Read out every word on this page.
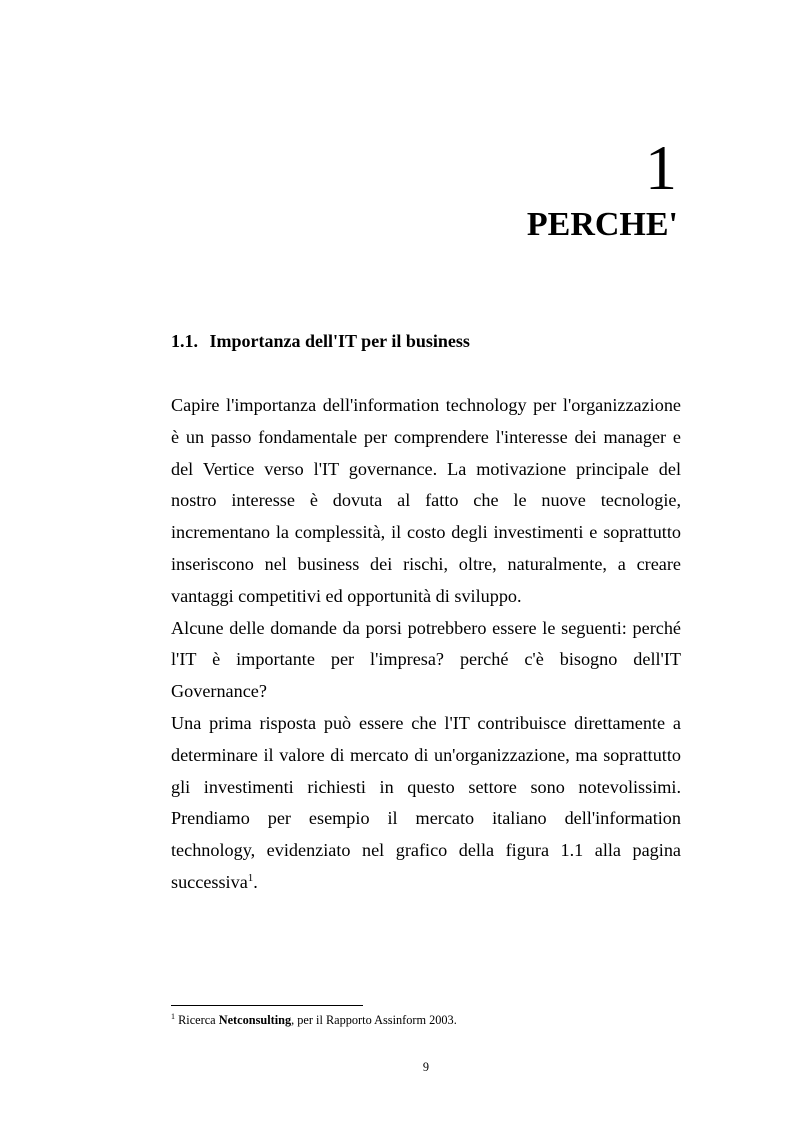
1
PERCHE'
1.1. Importanza dell'IT per il business

Capire l'importanza dell'information technology per l'organizzazione è un passo fondamentale per comprendere l'interesse dei manager e del Vertice verso l'IT governance. La motivazione principale del nostro interesse è dovuta al fatto che le nuove tecnologie, incrementano la complessità, il costo degli investimenti e soprattutto inseriscono nel business dei rischi, oltre, naturalmente, a creare vantaggi competitivi ed opportunità di sviluppo.

Alcune delle domande da porsi potrebbero essere le seguenti: perché l'IT è importante per l'impresa? perché c'è bisogno dell'IT Governance?

Una prima risposta può essere che l'IT contribuisce direttamente a determinare il valore di mercato di un'organizzazione, ma soprattutto gli investimenti richiesti in questo settore sono notevolissimi. Prendiamo per esempio il mercato italiano dell'information technology, evidenziato nel grafico della figura 1.1 alla pagina successiva$^1$.

$^1$ Ricerca Netconsulting, per il Rapporto Assinform 2003.

9
